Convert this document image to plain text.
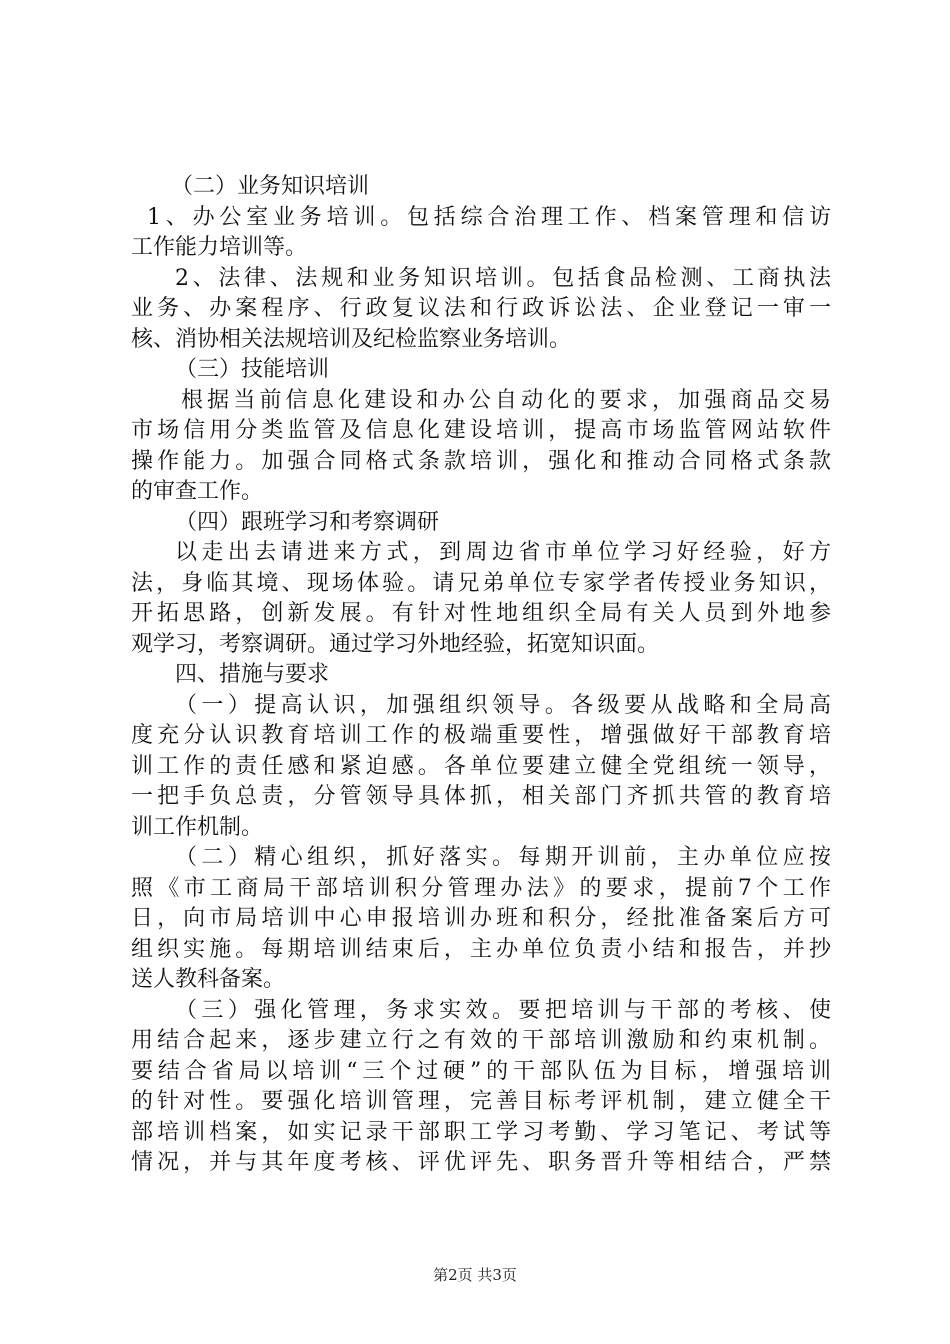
（二）业务知识培训
1、办公室业务培训。包括综合治理工作、档案管理和信访
工作能力培训等。
2、法律、法规和业务知识培训。包括食品检测、工商执法
业务、办案程序、行政复议法和行政诉讼法、企业登记一审一
核、消协相关法规培训及纪检监察业务培训。
（三）技能培训
根据当前信息化建设和办公自动化的要求，加强商品交易
市场信用分类监管及信息化建设培训，提高市场监管网站软件
操作能力。加强合同格式条款培训，强化和推动合同格式条款
的审查工作。
（四）跟班学习和考察调研
以走出去请进来方式，到周边省市单位学习好经验，好方
法，身临其境、现场体验。请兄弟单位专家学者传授业务知识，
开拓思路，创新发展。有针对性地组织全局有关人员到外地参
观学习，考察调研。通过学习外地经验，拓宽知识面。
四、措施与要求
（一）提高认识，加强组织领导。各级要从战略和全局高
度充分认识教育培训工作的极端重要性，增强做好干部教育培
训工作的责任感和紧迫感。各单位要建立健全党组统一领导，
一把手负总责，分管领导具体抓，相关部门齐抓共管的教育培
训工作机制。
（二）精心组织，抓好落实。每期开训前，主办单位应按
照《市工商局干部培训积分管理办法》的要求，提前7个工作
日，向市局培训中心申报培训办班和积分，经批准备案后方可
组织实施。每期培训结束后，主办单位负责小结和报告，并抄
送人教科备案。
（三）强化管理，务求实效。要把培训与干部的考核、使
用结合起来，逐步建立行之有效的干部培训激励和约束机制。
要结合省局以培训“三个过硬”的干部队伍为目标，增强培训
的针对性。要强化培训管理，完善目标考评机制，建立健全干
部培训档案，如实记录干部职工学习考勤、学习笔记、考试等
情况，并与其年度考核、评优评先、职务晋升等相结合，严禁
第2页 共3页
